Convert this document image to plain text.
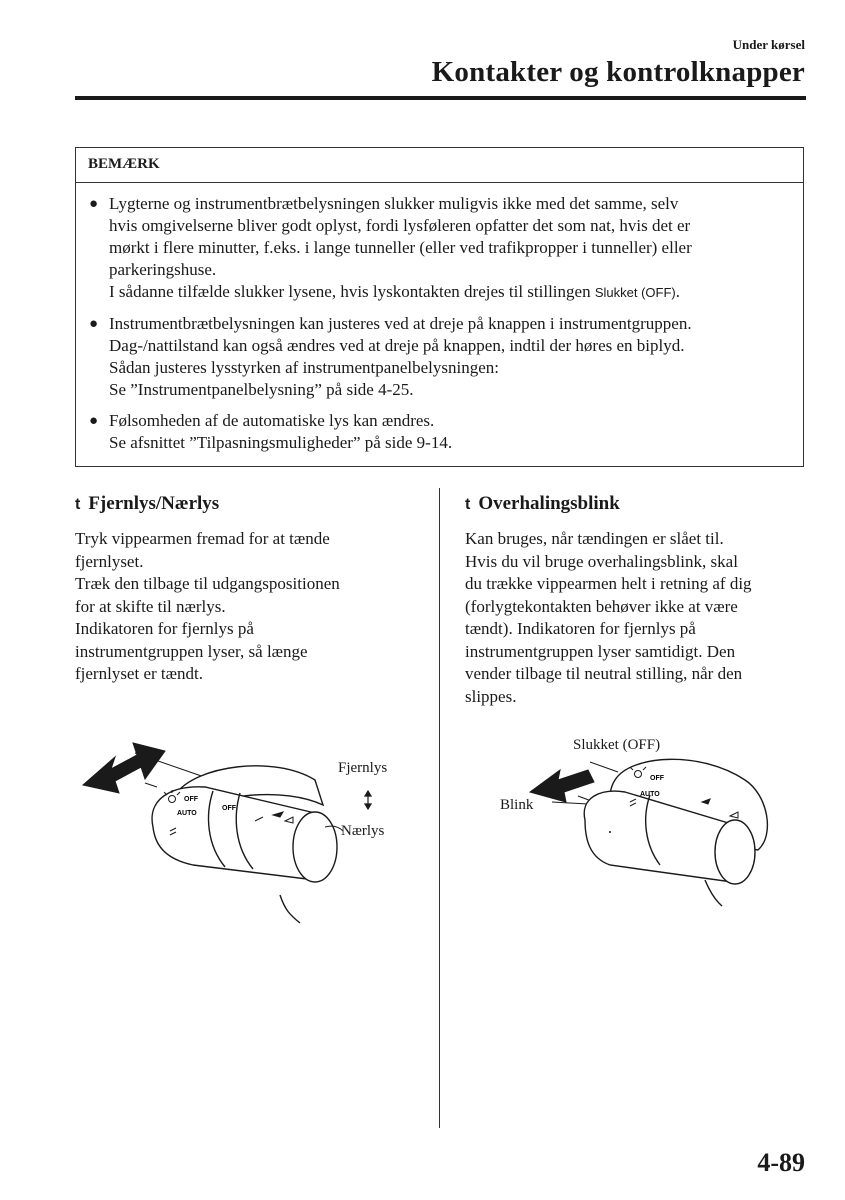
Under kørsel
Kontakter og kontrolknapper
BEMÆRK
● Lygterne og instrumentbrætbelysningen slukker muligvis ikke med det samme, selv
hvis omgivelserne bliver godt oplyst, fordi lysføleren opfatter det som nat, hvis det er
mørkt i flere minutter, f.eks. i lange tunneller (eller ved trafikpropper i tunneller) eller
parkeringshuse.
I sådanne tilfælde slukker lysene, hvis lyskontakten drejes til stillingen Slukket (OFF).
● Instrumentbrætbelysningen kan justeres ved at dreje på knappen i instrumentgruppen.
Dag-/nattilstand kan også ændres ved at dreje på knappen, indtil der høres en biplyd.
Sådan justeres lysstyrken af instrumentpanelbelysningen:
Se ”Instrumentpanelbelysning” på side 4-25.
● Følsomheden af de automatiske lys kan ændres.
Se afsnittet ”Tilpasningsmuligheder” på side 9-14.
t Fjernlys/Nærlys
Tryk vippearmen fremad for at tænde
fjernlyset.
Træk den tilbage til udgangspositionen
for at skifte til nærlys.
Indikatoren for fjernlys på
instrumentgruppen lyser, så længe
fjernlyset er tændt.
OFF
AUTO
OFF
Fjernlys
Nærlys
t Overhalingsblink
Kan bruges, når tændingen er slået til.
Hvis du vil bruge overhalingsblink, skal
du trække vippearmen helt i retning af dig
(forlygtekontakten behøver ikke at være
tændt). Indikatoren for fjernlys på
instrumentgruppen lyser samtidigt. Den
vender tilbage til neutral stilling, når den
slippes.
OFF
AUTO
Slukket (OFF)
Blink
4-89
